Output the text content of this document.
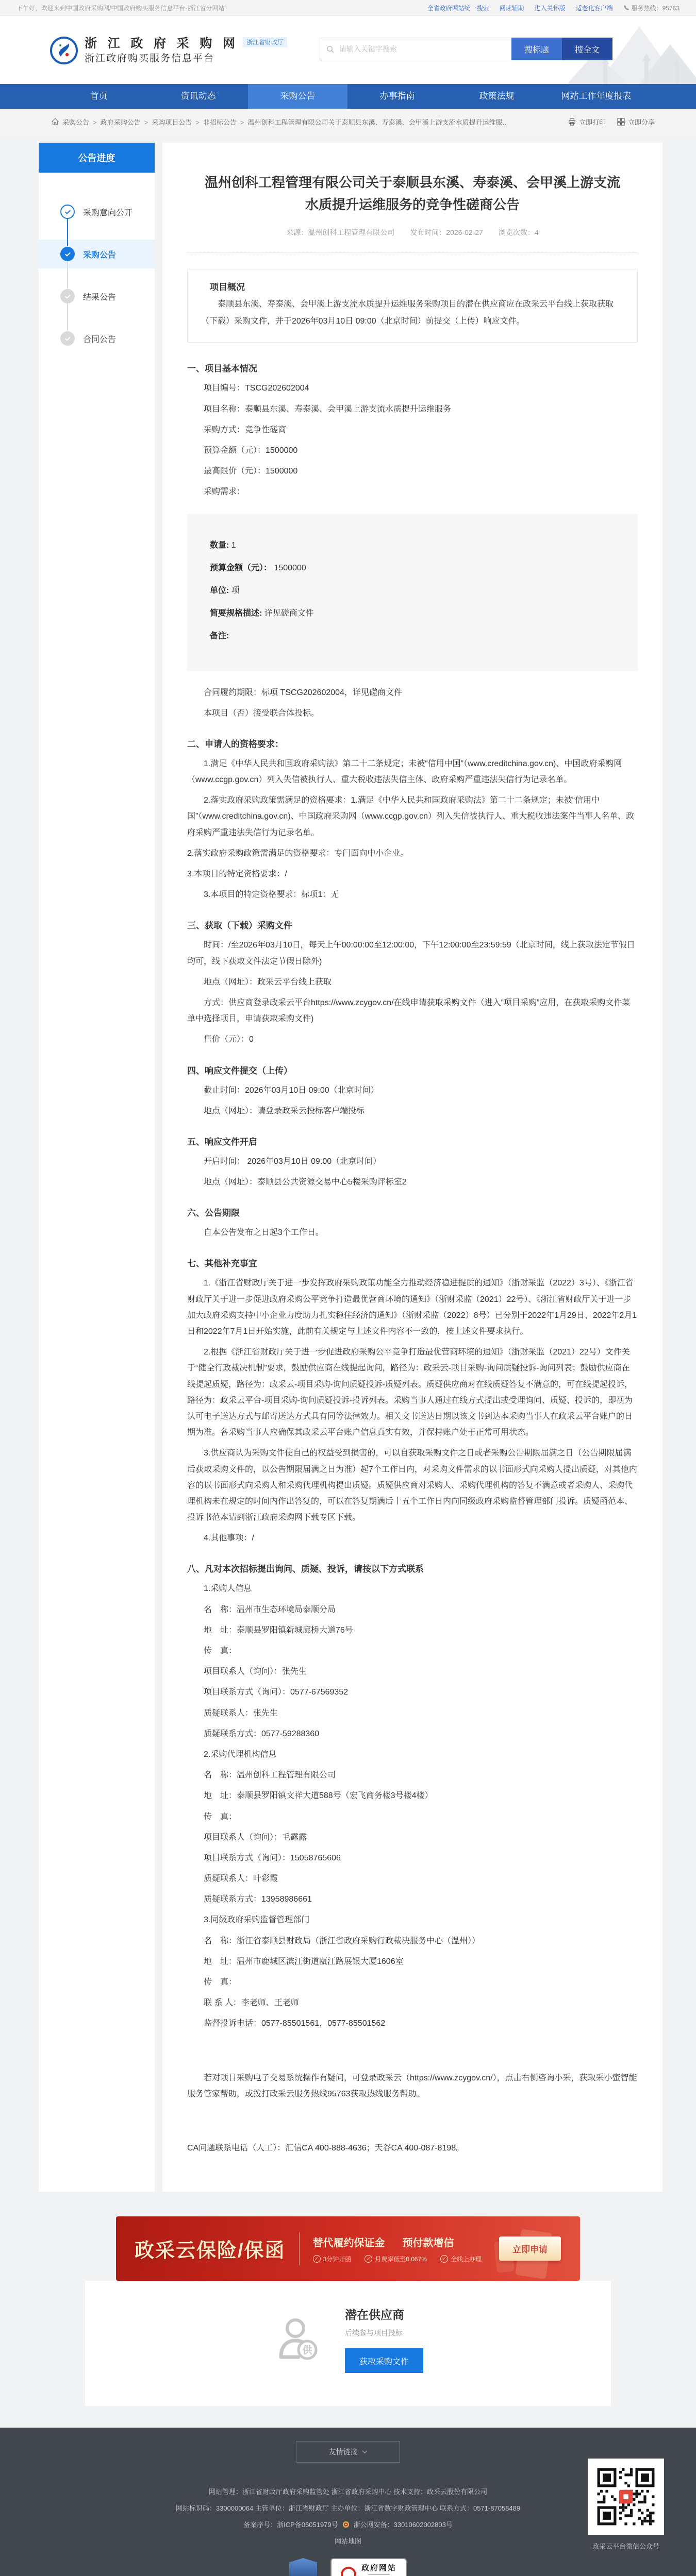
下午好，欢迎来到中国政府采购网/中国政府购买服务信息平台-浙江省分网站！	全省政府网站统一搜索 阅读辅助 进入关怀版 适老化客户端	服务热线：95763
浙 江 政 府 采 购 网 浙江省财政厅
浙江政府购买服务信息平台
请输入关键字搜索
搜标题	搜全文
首页	资讯动态	采购公告	办事指南	政策法规	网站工作年度报表
采购公告 > 政府采购公告 > 采购项目公告 > 非招标公告 > 温州创科工程管理有限公司关于泰顺县东溪、寿泰溪、会甲溪上游支流水质提升运维服...	立即打印	立即分享
公告进度
采购意向公开
采购公告
结果公告
合同公告
温州创科工程管理有限公司关于泰顺县东溪、寿泰溪、会甲溪上游支流水质提升运维服务的竞争性磋商公告
来源：温州创科工程管理有限公司 发布时间：2026-02-27 浏览次数：4
项目概况
泰顺县东溪、寿泰溪、会甲溪上游支流水质提升运维服务采购项目的潜在供应商应在政采云平台线上获取获取（下载）采购文件，并于2026年03月10日 09:00（北京时间）前提交（上传）响应文件。
一、项目基本情况

项目编号：TSCG202602004

项目名称：泰顺县东溪、寿泰溪、会甲溪上游支流水质提升运维服务

采购方式：竞争性磋商

预算金额（元）：1500000

最高限价（元）：1500000

采购需求：

数量: 1
预算金额（元）： 1500000
单位: 项
简要规格描述: 详见磋商文件
备注:

合同履约期限：标项 TSCG202602004，详见磋商文件

本项目（否）接受联合体投标。

二、申请人的资格要求：

1.满足《中华人民共和国政府采购法》第二十二条规定；未被“信用中国”（www.creditchina.gov.cn)、中国政府采购网（www.ccgp.gov.cn）列入失信被执行人、重大税收违法失信主体、政府采购严重违法失信行为记录名单。

2.落实政府采购政策需满足的资格要求：1.满足《中华人民共和国政府采购法》第二十二条规定；未被“信用中国”（www.creditchina.gov.cn)、中国政府采购网（www.ccgp.gov.cn）列入失信被执行人、重大税收违法案件当事人名单、政府采购严重违法失信行为记录名单。

2.落实政府采购政策需满足的资格要求：专门面向中小企业。

3.本项目的特定资格要求：/

3.本项目的特定资格要求：标项1：无

三、获取（下载）采购文件

时间：/至2026年03月10日，每天上午00:00:00至12:00:00，下午12:00:00至23:59:59（北京时间，线上获取法定节假日均可，线下获取文件法定节假日除外)

地点（网址）：政采云平台线上获取

方式：供应商登录政采云平台https://www.zcygov.cn/在线申请获取采购文件（进入“项目采购”应用，在获取采购文件菜单中选择项目，申请获取采购文件)

售价（元）：0

四、响应文件提交（上传）

截止时间：2026年03月10日 09:00（北京时间）

地点（网址）：请登录政采云投标客户端投标

五、响应文件开启

开启时间： 2026年03月10日 09:00（北京时间）

地点（网址）：泰顺县公共资源交易中心5楼采购评标室2

六、公告期限

自本公告发布之日起3个工作日。

七、其他补充事宜

1.《浙江省财政厅关于进一步发挥政府采购政策功能全力推动经济稳进提质的通知》（浙财采监（2022）3号）、《浙江省财政厅关于进一步促进政府采购公平竞争打造最优营商环境的通知》（浙财采监（2021）22号）、《浙江省财政厅关于进一步加大政府采购支持中小企业力度助力扎实稳住经济的通知》（浙财采监（2022）8号）已分别于2022年1月29日、2022年2月1日和2022年7月1日开始实施，此前有关规定与上述文件内容不一致的，按上述文件要求执行。

2.根据《浙江省财政厅关于进一步促进政府采购公平竞争打造最优营商环境的通知》（浙财采监（2021）22号）文件关于“健全行政裁决机制”要求，鼓励供应商在线提起询问，路径为：政采云-项目采购-询问质疑投诉-询问列表；鼓励供应商在线提起质疑，路径为：政采云-项目采购-询问质疑投诉-质疑列表。质疑供应商对在线质疑答复不满意的，可在线提起投诉，路径为：政采云平台-项目采购-询问质疑投诉-投诉列表。采购当事人通过在线方式提出或受理询问、质疑、投诉的，即视为认可电子送达方式与邮寄送达方式具有同等法律效力。相关文书送达日期以该文书到达本采购当事人在政采云平台账户的日期为准。各采购当事人应确保其政采云平台账户信息真实有效，并保持账户处于正常可用状态。

3.供应商认为采购文件使自己的权益受到损害的，可以自获取采购文件之日或者采购公告期限届满之日（公告期限届满后获取采购文件的，以公告期限届满之日为准）起7个工作日内，对采购文件需求的以书面形式向采购人提出质疑，对其他内容的以书面形式向采购人和采购代理机构提出质疑。质疑供应商对采购人、采购代理机构的答复不满意或者采购人、采购代理机构未在规定的时间内作出答复的，可以在答复期满后十五个工作日内向同级政府采购监督管理部门投诉。质疑函范本、投诉书范本请到浙江政府采购网下载专区下载。

4.其他事项：/

八、凡对本次招标提出询问、质疑、投诉，请按以下方式联系

1.采购人信息

名　称：温州市生态环境局泰顺分局

地　址：泰顺县罗阳镇新城廊桥大道76号

传　真：

项目联系人（询问）：张先生

项目联系方式（询问）：0577-67569352

质疑联系人：张先生

质疑联系方式：0577-59288360

2.采购代理机构信息

名　称：温州创科工程管理有限公司

地　址：泰顺县罗阳镇文祥大道588号（宏飞商务楼3号楼4楼）

传　真：

项目联系人（询问）：毛露露

项目联系方式（询问）：15058765606

质疑联系人：叶彩霞

质疑联系方式：13958986661

3.同级政府采购监督管理部门

名　称：浙江省泰顺县财政局（浙江省政府采购行政裁决服务中心（温州））

地　址：温州市鹿城区滨江街道瓯江路展银大厦1606室

传　真：

联 系 人：李老师、王老师

监督投诉电话：0577-85501561，0577-85501562

若对项目采购电子交易系统操作有疑问，可登录政采云（https://www.zcygov.cn/），点击右侧咨询小采，获取采小蜜智能服务管家帮助，或拨打政采云服务热线95763获取热线服务帮助。

CA问题联系电话（人工）：汇信CA 400-888-4636；天谷CA 400-087-8198。

政采云保险/保函	替代履约保证金 预付款增信
✓ 3分钟开函	✓ 月费率低至0.067%	✓ 全线上办理
立即申请
供
潜在供应商
后续参与项目投标
获取采购文件
友情链接
网站管理：浙江省财政厅政府采购监管处 浙江省政府采购中心 技术支持：政采云股份有限公司
网站标识码：3300000064 主管单位：浙江省财政厅 主办单位：浙江省数字财政管理中心 联系方式：0571-87058489
备案序号：浙ICP备06051979号 浙公网安备：33010602002803号
网站地图
政府网站
政采云平台微信公众号
